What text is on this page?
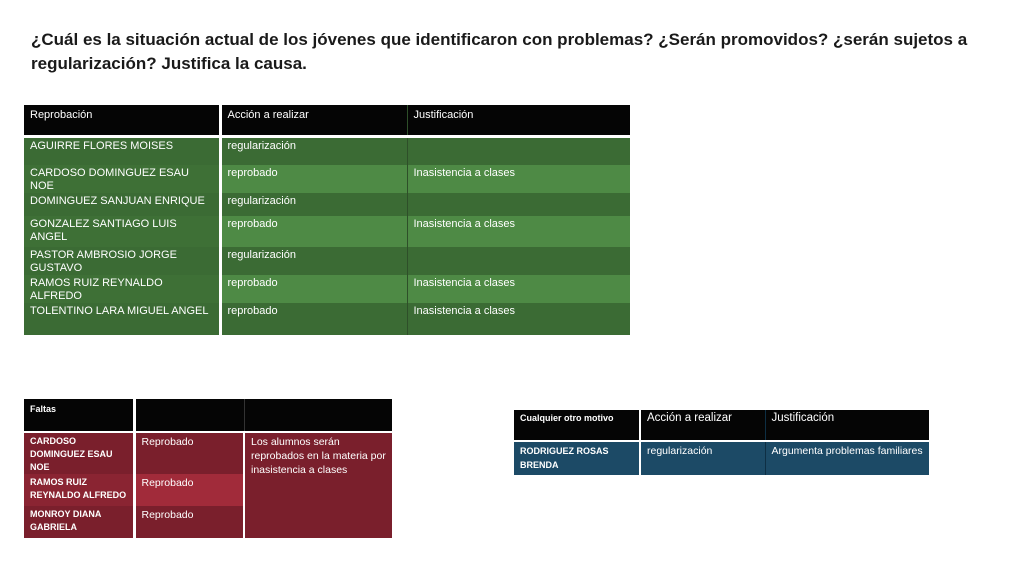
¿Cuál es la situación actual de los jóvenes que identificaron con problemas? ¿Serán promovidos? ¿serán sujetos a regularización? Justifica la causa.

Reprobación	Acción a realizar	Justificación
AGUIRRE FLORES MOISES	regularización	
CARDOSO DOMINGUEZ ESAU NOE	reprobado	Inasistencia a clases
DOMINGUEZ SANJUAN ENRIQUE	regularización	
GONZALEZ SANTIAGO LUIS ANGEL	reprobado	Inasistencia a clases
PASTOR AMBROSIO JORGE GUSTAVO	regularización	
RAMOS RUIZ REYNALDO ALFREDO	reprobado	Inasistencia a clases
TOLENTINO LARA MIGUEL ANGEL	reprobado	Inasistencia a clases
Faltas		
CARDOSO DOMINGUEZ ESAU NOE	Reprobado	Los alumnos serán reprobados en la materia por inasistencia a clases
RAMOS RUIZ REYNALDO ALFREDO	Reprobado	
MONROY DIANA GABRIELA	Reprobado	
Cualquier otro motivo	Acción a realizar	Justificación
RODRIGUEZ ROSAS BRENDA	regularización	Argumenta problemas familiares
